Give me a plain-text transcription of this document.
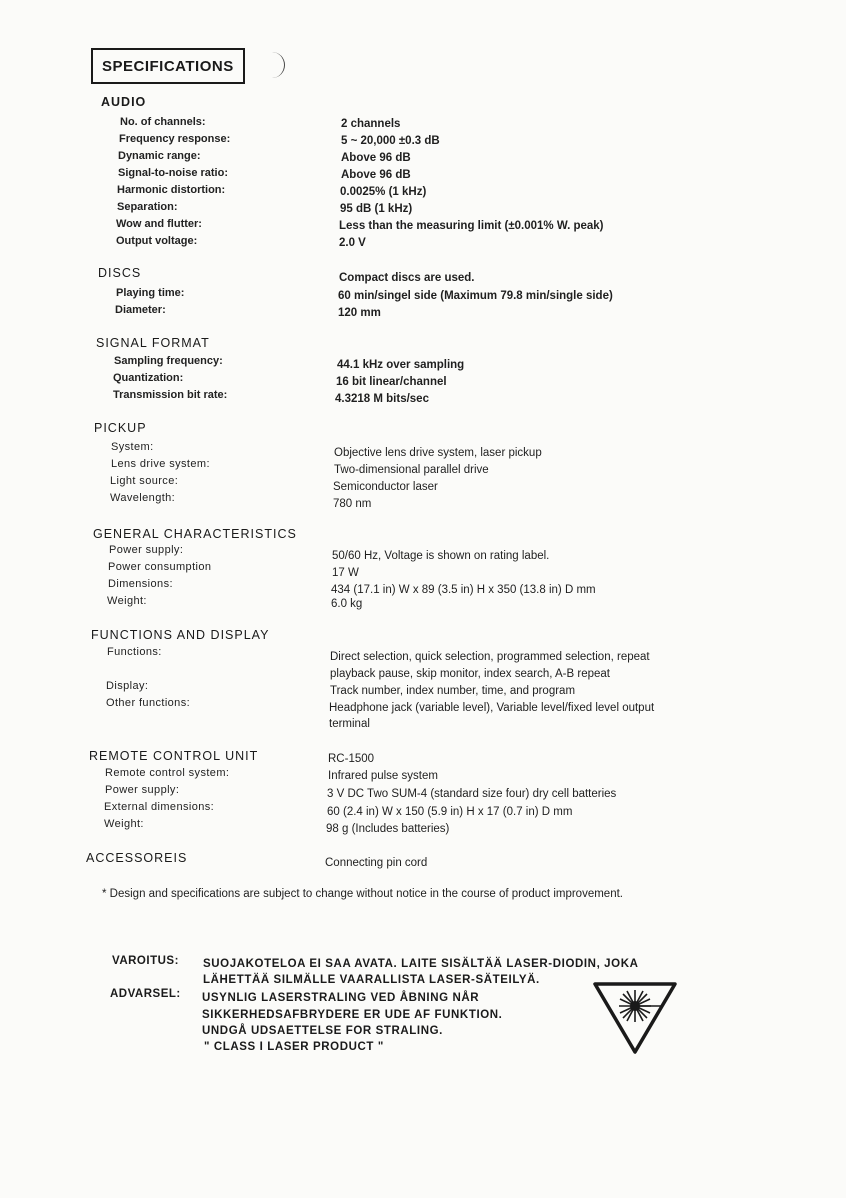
SPECIFICATIONS
AUDIO
No. of channels:	2 channels
Frequency response:	5 ~ 20,000 ±0.3 dB
Dynamic range:	Above 96 dB
Signal-to-noise ratio:	Above 96 dB
Harmonic distortion:	0.0025% (1 kHz)
Separation:	95 dB (1 kHz)
Wow and flutter:	Less than the measuring limit (±0.001% W. peak)
Output voltage:	2.0 V
DISCS	Compact discs are used.
Playing time:	60 min/singel side (Maximum 79.8 min/single side)
Diameter:	120 mm
SIGNAL FORMAT
Sampling frequency:	44.1 kHz over sampling
Quantization:	16 bit linear/channel
Transmission bit rate:	4.3218 M bits/sec
PICKUP
System:	Objective lens drive system, laser pickup
Lens drive system:	Two-dimensional parallel drive
Light source:	Semiconductor laser
Wavelength:	780 nm
GENERAL CHARACTERISTICS
Power supply:	50/60 Hz, Voltage is shown on rating label.
Power consumption	17 W
Dimensions:	434 (17.1 in) W x 89 (3.5 in) H x 350 (13.8 in) D mm
Weight:	6.0 kg
FUNCTIONS AND DISPLAY
Functions:	Direct selection, quick selection, programmed selection, repeat
playback pause, skip monitor, index search, A-B repeat
Display:	Track number, index number, time, and program
Other functions:	Headphone jack (variable level), Variable level/fixed level output
terminal
REMOTE CONTROL UNIT	RC-1500
Remote control system:	Infrared pulse system
Power supply:	3 V DC Two SUM-4 (standard size four) dry cell batteries
External dimensions:	60 (2.4 in) W x 150 (5.9 in) H x 17 (0.7 in) D mm
Weight:	98 g (Includes batteries)
ACCESSOREIS	Connecting pin cord
* Design and specifications are subject to change without notice in the course of product improvement.
VAROITUS: SUOJAKOTELOA EI SAA AVATA. LAITE SISÄLTÄÄ LASER-DIODIN, JOKA
LÄHETTÄÄ SILMÄLLE VAARALLISTA LASER-SÄTEILYÄ.
ADVARSEL: USYNLIG LASERSTRALING VED ÅBNING NÅR
SIKKERHEDSAFBRYDERE ER UDE AF FUNKTION.
UNDGÅ UDSAETTELSE FOR STRALING.
" CLASS I LASER PRODUCT "
